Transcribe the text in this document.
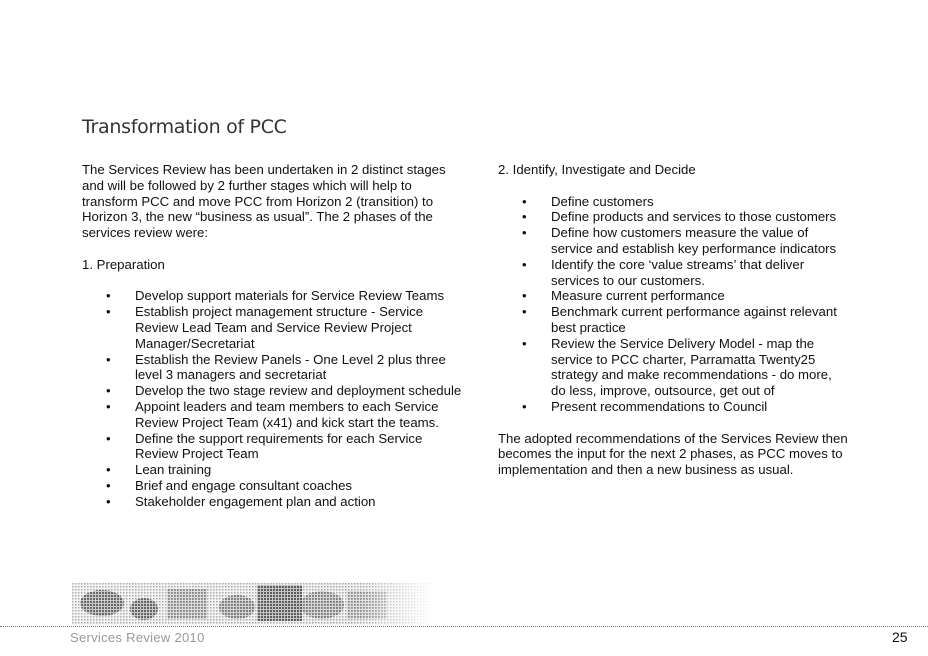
Transformation of PCC

The Services Review has been undertaken in 2 distinct stages and will be followed by 2 further stages which will help to transform PCC and move PCC from Horizon 2 (transition) to Horizon 3, the new “business as usual”. The 2 phases of the services review were:

1. Preparation

• Develop support materials for Service Review Teams
• Establish project management structure - Service Review Lead Team and Service Review Project Manager/Secretariat
• Establish the Review Panels - One Level 2 plus three level 3 managers and secretariat
• Develop the two stage review and deployment schedule
• Appoint leaders and team members to each Service Review Project Team (x41) and kick start the teams.
• Define the support requirements for each Service Review Project Team
• Lean training
• Brief and engage consultant coaches
• Stakeholder engagement plan and action

2. Identify, Investigate and Decide

• Define customers
• Define products and services to those customers
• Define how customers measure the value of service and establish key performance indicators
• Identify the core ‘value streams’ that deliver services to our customers.
• Measure current performance
• Benchmark current performance against relevant best practice
• Review the Service Delivery Model - map the service to PCC charter, Parramatta Twenty25 strategy and make recommendations - do more, do less, improve, outsource, get out of
• Present recommendations to Council

The adopted recommendations of the Services Review then becomes the input for the next 2 phases, as PCC moves to implementation and then a new business as usual.

Services Review 2010	25
